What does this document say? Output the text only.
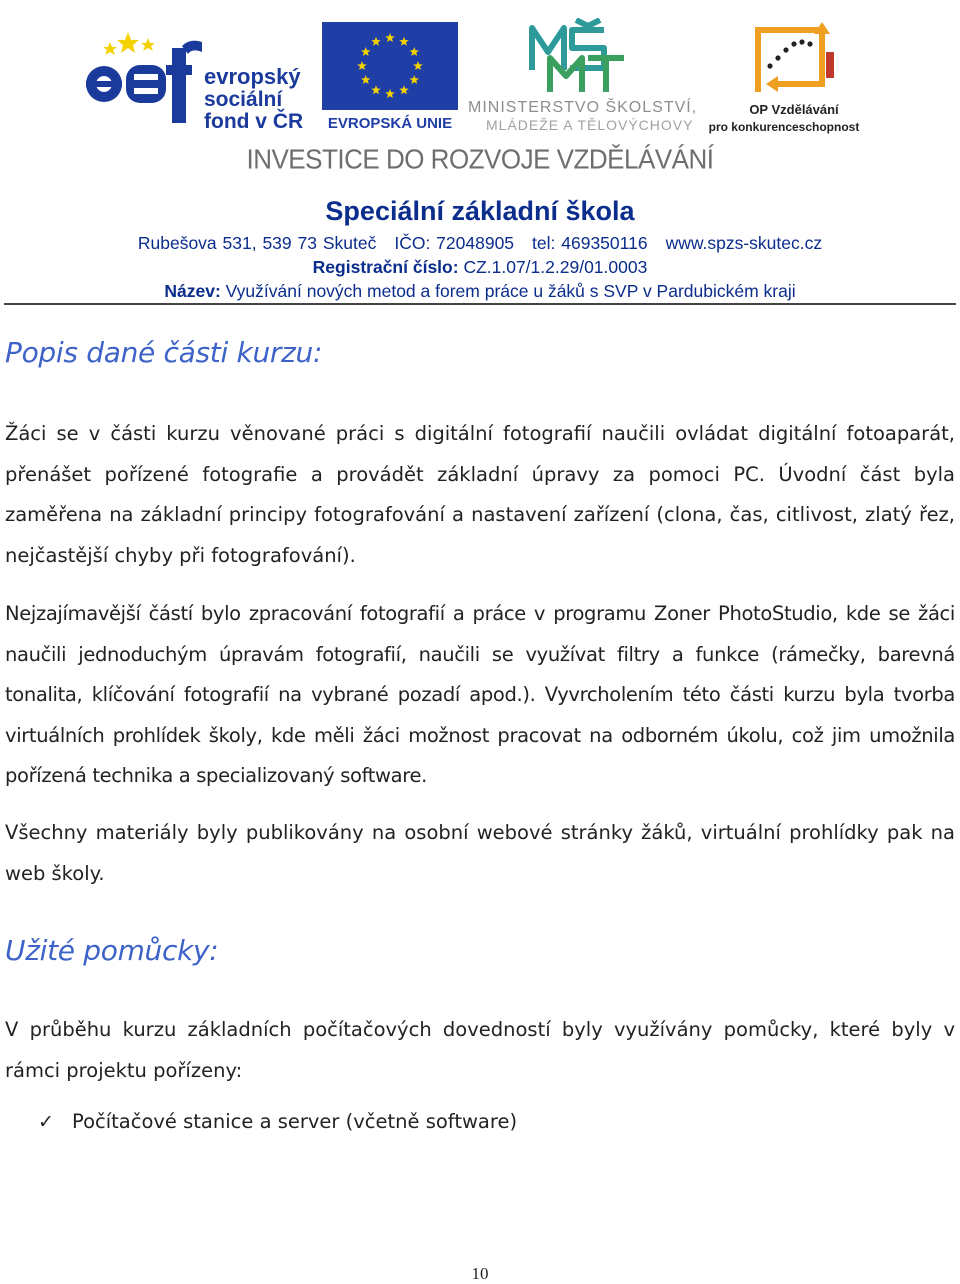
evropský
sociální
fond v ČR EVROPSKÁ UNIE
MINISTERSTVO ŠKOLSTVÍ,
MLÁDEŽE A TĚLOVÝCHOVY
OP Vzdělávání
pro konkurenceschopnost
INVESTICE DO ROZVOJE VZDĚLÁVÁNÍ
Speciální základní škola
Rubešova 531, 539 73 Skuteč IČO: 72048905 tel: 469350116 www.spzs-skutec.cz
Registrační číslo: CZ.1.07/1.2.29/01.0003
Název: Využívání nových metod a forem práce u žáků s SVP v Pardubickém kraji
Popis dané části kurzu:
Žáci se v části kurzu věnované práci s digitální fotografií naučili ovládat digitální fotoaparát, přenášet pořízené fotografie a provádět základní úpravy za pomoci PC. Úvodní část byla zaměřena na základní principy fotografování a nastavení zařízení (clona, čas, citlivost, zlatý řez, nejčastější chyby při fotografování).
Nejzajímavější částí bylo zpracování fotografií a práce v programu Zoner PhotoStudio, kde se žáci naučili jednoduchým úpravám fotografií, naučili se využívat filtry a funkce (rámečky, barevná tonalita, klíčování fotografií na vybrané pozadí apod.). Vyvrcholením této části kurzu byla tvorba virtuálních prohlídek školy, kde měli žáci možnost pracovat na odborném úkolu, což jim umožnila pořízená technika a specializovaný software.
Všechny materiály byly publikovány na osobní webové stránky žáků, virtuální prohlídky pak na web školy.
Užité pomůcky:
V průběhu kurzu základních počítačových dovedností byly využívány pomůcky, které byly v rámci projektu pořízeny:
✓ Počítačové stanice a server (včetně software)
10
